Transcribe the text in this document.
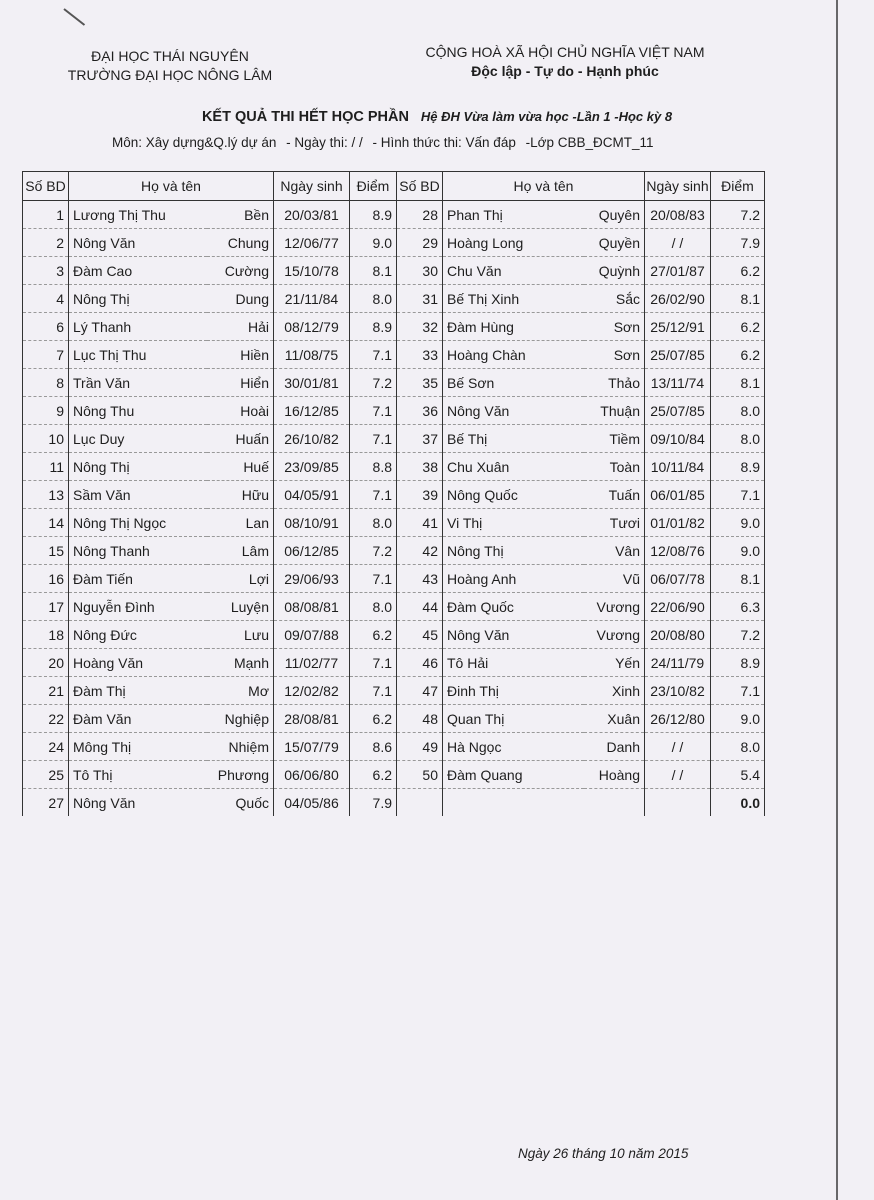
ĐẠI HỌC THÁI NGUYÊN
TRƯỜNG ĐẠI HỌC NÔNG LÂM
CỘNG HOÀ XÃ HỘI CHỦ NGHĨA VIỆT NAM
Độc lập - Tự do - Hạnh phúc
KẾT QUẢ THI HẾT HỌC PHẦN Hệ ĐH Vừa làm vừa học -Lần 1 -Học kỳ 8
Môn: Xây dựng&Q.lý dự án - Ngày thi: / / - Hình thức thi: Vấn đáp -Lớp CBB_ĐCMT_11
Số BD	Họ và tên		Ngày sinh	Điểm	Số BD	Họ và tên		Ngày sinh	Điểm
1	Lương Thị Thu	Bền	20/03/81	8.9	28	Phan Thị	Quyên	20/08/83	7.2
2	Nông Văn	Chung	12/06/77	9.0	29	Hoàng Long	Quyền	/ /	7.9
3	Đàm Cao	Cường	15/10/78	8.1	30	Chu Văn	Quỳnh	27/01/87	6.2
4	Nông Thị	Dung	21/11/84	8.0	31	Bế Thị Xinh	Sắc	26/02/90	8.1
6	Lý Thanh	Hải	08/12/79	8.9	32	Đàm Hùng	Sơn	25/12/91	6.2
7	Lục Thị Thu	Hiền	11/08/75	7.1	33	Hoàng Chàn	Sơn	25/07/85	6.2
8	Trần Văn	Hiển	30/01/81	7.2	35	Bế Sơn	Thảo	13/11/74	8.1
9	Nông Thu	Hoài	16/12/85	7.1	36	Nông Văn	Thuận	25/07/85	8.0
10	Lục Duy	Huấn	26/10/82	7.1	37	Bế Thị	Tiềm	09/10/84	8.0
11	Nông Thị	Huế	23/09/85	8.8	38	Chu Xuân	Toàn	10/11/84	8.9
13	Sầm Văn	Hữu	04/05/91	7.1	39	Nông Quốc	Tuấn	06/01/85	7.1
14	Nông Thị Ngọc	Lan	08/10/91	8.0	41	Vi Thị	Tươi	01/01/82	9.0
15	Nông Thanh	Lâm	06/12/85	7.2	42	Nông Thị	Vân	12/08/76	9.0
16	Đàm Tiến	Lợi	29/06/93	7.1	43	Hoàng Anh	Vũ	06/07/78	8.1
17	Nguyễn Đình	Luyện	08/08/81	8.0	44	Đàm Quốc	Vương	22/06/90	6.3
18	Nông Đức	Lưu	09/07/88	6.2	45	Nông Văn	Vương	20/08/80	7.2
20	Hoàng Văn	Mạnh	11/02/77	7.1	46	Tô Hải	Yến	24/11/79	8.9
21	Đàm Thị	Mơ	12/02/82	7.1	47	Đinh Thị	Xinh	23/10/82	7.1
22	Đàm Văn	Nghiệp	28/08/81	6.2	48	Quan Thị	Xuân	26/12/80	9.0
24	Mông Thị	Nhiệm	15/07/79	8.6	49	Hà Ngọc	Danh	/ /	8.0
25	Tô Thị	Phương	06/06/80	6.2	50	Đàm Quang	Hoàng	/ /	5.4
27	Nông Văn	Quốc	04/05/86	7.9					0.0
Ngày 26 tháng 10 năm 2015
